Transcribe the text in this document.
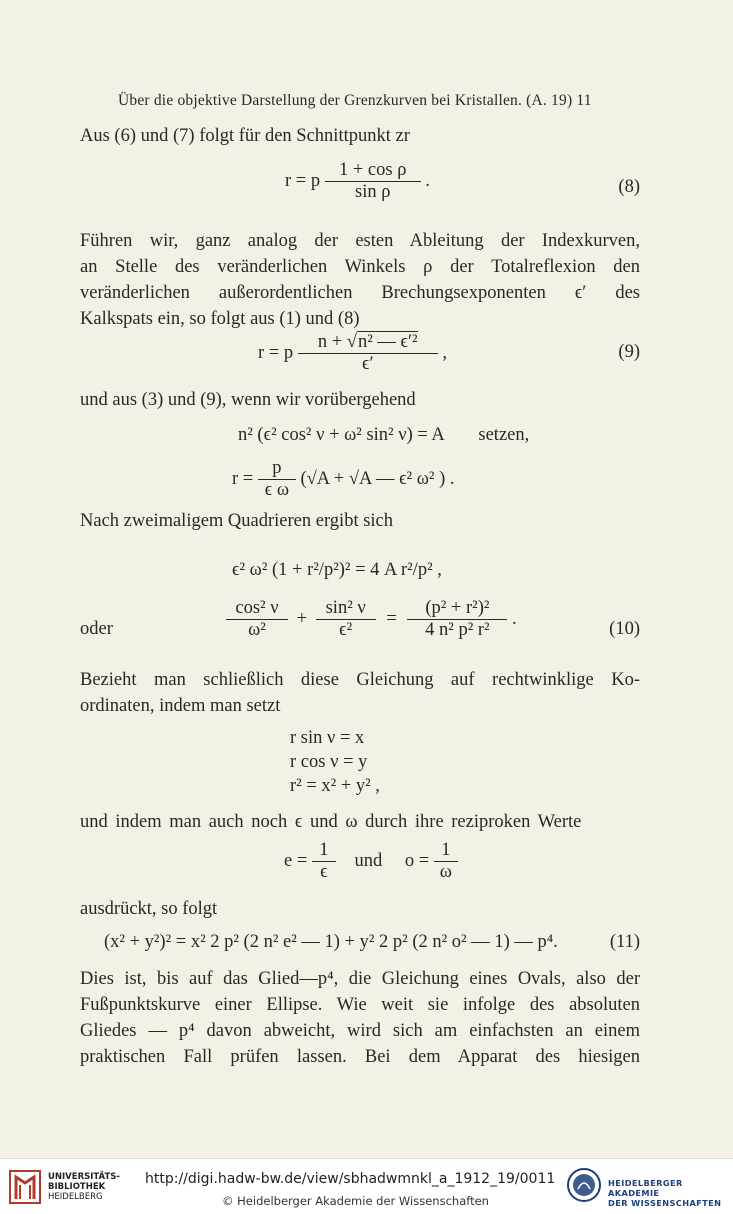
Über die objektive Darstellung der Grenzkurven bei Kristallen. (A. 19) 11
Aus (6) und (7) folgt für den Schnittpunkt zr
r = p $\frac{\text{1 + cos ρ}}{\text{sin ρ}}$ .	(8)
Führen wir, ganz analog der esten Ableitung der Indexkurven,
an Stelle des veränderlichen Winkels ρ der Totalreflexion den
veränderlichen außerordentlichen Brechungsexponenten ϵ′ des
Kalkspats ein, so folgt aus (1) und (8)
r = p $\frac{\text{n + √n² — ϵ′²}}{\epsilon'}$ ,	(9)
und aus (3) und (9), wenn wir vorübergehend
n² (ϵ² cos² ν + ω² sin² ν) = A setzen,
$r = \frac{p}{\text{ϵ ω}} (√A + √A$ — ϵ² ω² ) .
Nach zweimaligem Quadrieren ergibt sich
ϵ² ω² (1 + r²/p²)² = 4 A r²/p² ,
oder	$\frac{\text{cos² ν}}{\text{ω²}} + \frac{\text{sin² ν}}{\text{ϵ²}} = \frac{\text{(p² + r²)²}}{\text{4 n² p² r²}}$ .
(10)
Bezieht man schließlich diese Gleichung auf rechtwinklige Ko-
ordinaten, indem man setzt
r sin ν = x
r cos ν = y
r² = x² + y² ,
und indem man auch noch ϵ und ω durch ihre reziproken Werte
$e = \frac{1}{\epsilon}$ und $o = \frac{1}{\omega}$
ausdrückt, so folgt
(x² + y²)² = x² 2 p² (2 n² e² — 1) + y² 2 p² (2 n² o² — 1) — p⁴.	(11)
Dies ist, bis auf das Glied—p⁴, die Gleichung eines Ovals, also der
Fußpunktskurve einer Ellipse. Wie weit sie infolge des absoluten
Gliedes — p⁴ davon abweicht, wird sich am einfachsten an einem
praktischen Fall prüfen lassen. Bei dem Apparat des hiesigen
UNIVERSITÄTS-
BIBLIOTHEK
HEIDELBERG
http://digi.hadw-bw.de/view/sbhadwmnkl_a_1912_19/0011
© Heidelberger Akademie der Wissenschaften
HEIDELBERGER AKADEMIE
DER WISSENSCHAFTEN
